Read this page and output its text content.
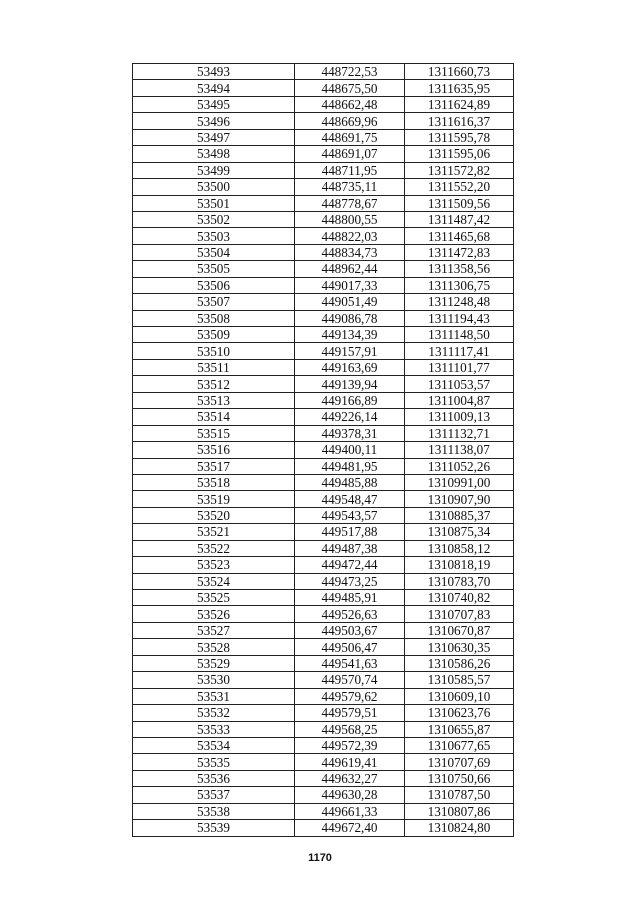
53493	448722,53	1311660,73
53494	448675,50	1311635,95
53495	448662,48	1311624,89
53496	448669,96	1311616,37
53497	448691,75	1311595,78
53498	448691,07	1311595,06
53499	448711,95	1311572,82
53500	448735,11	1311552,20
53501	448778,67	1311509,56
53502	448800,55	1311487,42
53503	448822,03	1311465,68
53504	448834,73	1311472,83
53505	448962,44	1311358,56
53506	449017,33	1311306,75
53507	449051,49	1311248,48
53508	449086,78	1311194,43
53509	449134,39	1311148,50
53510	449157,91	1311117,41
53511	449163,69	1311101,77
53512	449139,94	1311053,57
53513	449166,89	1311004,87
53514	449226,14	1311009,13
53515	449378,31	1311132,71
53516	449400,11	1311138,07
53517	449481,95	1311052,26
53518	449485,88	1310991,00
53519	449548,47	1310907,90
53520	449543,57	1310885,37
53521	449517,88	1310875,34
53522	449487,38	1310858,12
53523	449472,44	1310818,19
53524	449473,25	1310783,70
53525	449485,91	1310740,82
53526	449526,63	1310707,83
53527	449503,67	1310670,87
53528	449506,47	1310630,35
53529	449541,63	1310586,26
53530	449570,74	1310585,57
53531	449579,62	1310609,10
53532	449579,51	1310623,76
53533	449568,25	1310655,87
53534	449572,39	1310677,65
53535	449619,41	1310707,69
53536	449632,27	1310750,66
53537	449630,28	1310787,50
53538	449661,33	1310807,86
53539	449672,40	1310824,80
1170
